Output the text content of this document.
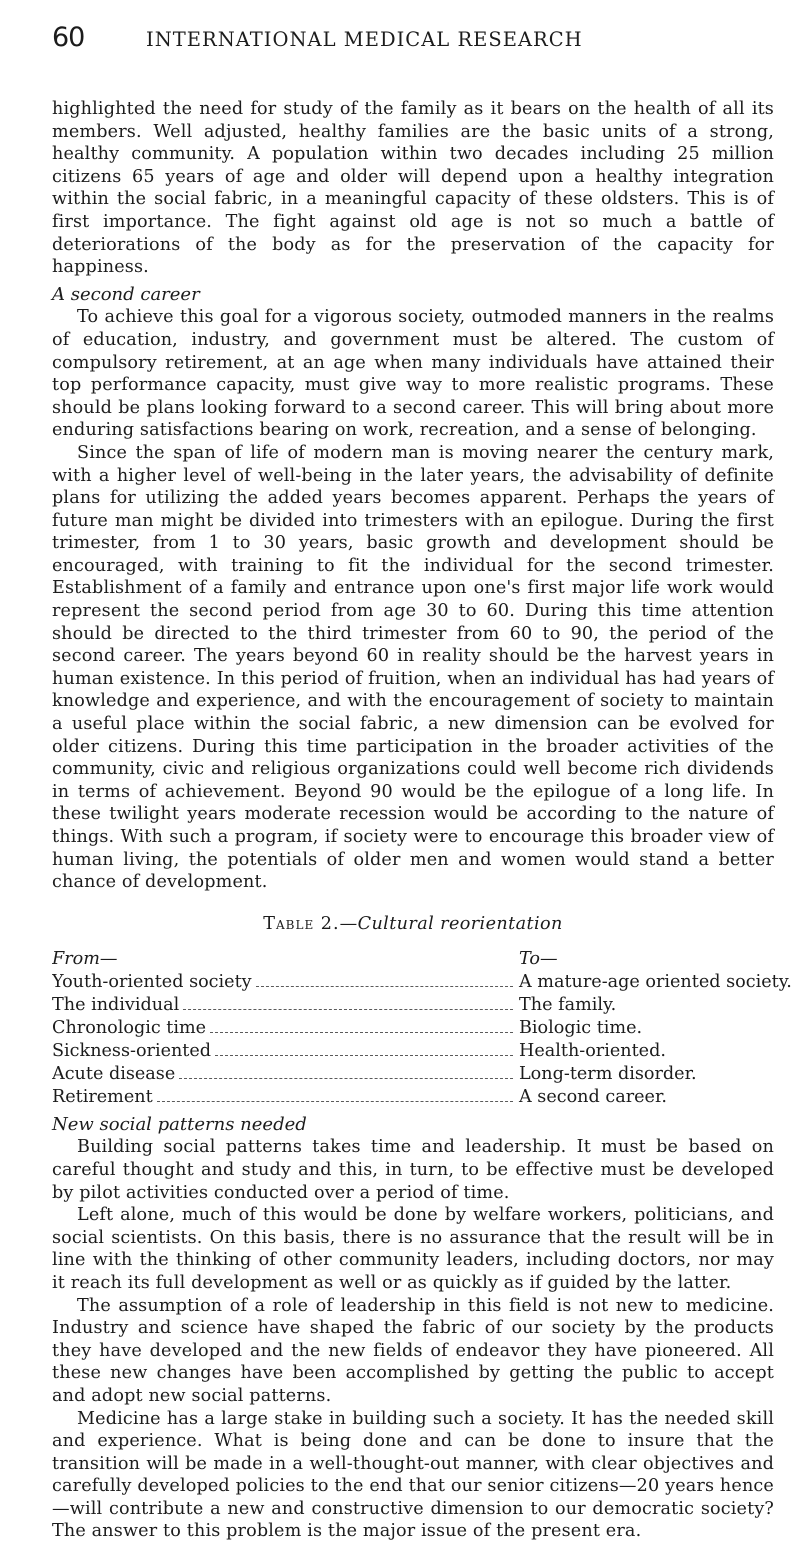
60	INTERNATIONAL MEDICAL RESEARCH

highlighted the need for study of the family as it bears on the health of all its members. Well adjusted, healthy families are the basic units of a strong, healthy community. A population within two decades including 25 million citizens 65 years of age and older will depend upon a healthy integration within the social fabric, in a meaningful capacity of these oldsters. This is of first importance. The fight against old age is not so much a battle of deteriorations of the body as for the preservation of the capacity for happiness.

A second career

To achieve this goal for a vigorous society, outmoded manners in the realms of education, industry, and government must be altered. The custom of compulsory retirement, at an age when many individuals have attained their top performance capacity, must give way to more realistic programs. These should be plans looking forward to a second career. This will bring about more enduring satisfactions bearing on work, recreation, and a sense of belonging.

Since the span of life of modern man is moving nearer the century mark, with a higher level of well-being in the later years, the advisability of definite plans for utilizing the added years becomes apparent. Perhaps the years of future man might be divided into trimesters with an epilogue. During the first trimester, from 1 to 30 years, basic growth and development should be encouraged, with training to fit the individual for the second trimester. Establishment of a family and entrance upon one's first major life work would represent the second period from age 30 to 60. During this time attention should be directed to the third trimester from 60 to 90, the period of the second career. The years beyond 60 in reality should be the harvest years in human existence. In this period of fruition, when an individual has had years of knowledge and experience, and with the encouragement of society to maintain a useful place within the social fabric, a new dimension can be evolved for older citizens. During this time participation in the broader activities of the community, civic and religious organizations could well become rich dividends in terms of achievement. Beyond 90 would be the epilogue of a long life. In these twilight years moderate recession would be according to the nature of things. With such a program, if society were to encourage this broader view of human living, the potentials of older men and women would stand a better chance of development.

Table 2.—Cultural reorientation
From—	To—
Youth-oriented society	A mature-age oriented society.
The individual	The family.
Chronologic time	Biologic time.
Sickness-oriented	Health-oriented.
Acute disease	Long-term disorder.
Retirement	A second career.
New social patterns needed

Building social patterns takes time and leadership. It must be based on careful thought and study and this, in turn, to be effective must be developed by pilot activities conducted over a period of time.

Left alone, much of this would be done by welfare workers, politicians, and social scientists. On this basis, there is no assurance that the result will be in line with the thinking of other community leaders, including doctors, nor may it reach its full development as well or as quickly as if guided by the latter.

The assumption of a role of leadership in this field is not new to medicine. Industry and science have shaped the fabric of our society by the products they have developed and the new fields of endeavor they have pioneered. All these new changes have been accomplished by getting the public to accept and adopt new social patterns.

Medicine has a large stake in building such a society. It has the needed skill and experience. What is being done and can be done to insure that the transition will be made in a well-thought-out manner, with clear objectives and carefully developed policies to the end that our senior citizens—20 years hence—will contribute a new and constructive dimension to our democratic society? The answer to this problem is the major issue of the present era.
